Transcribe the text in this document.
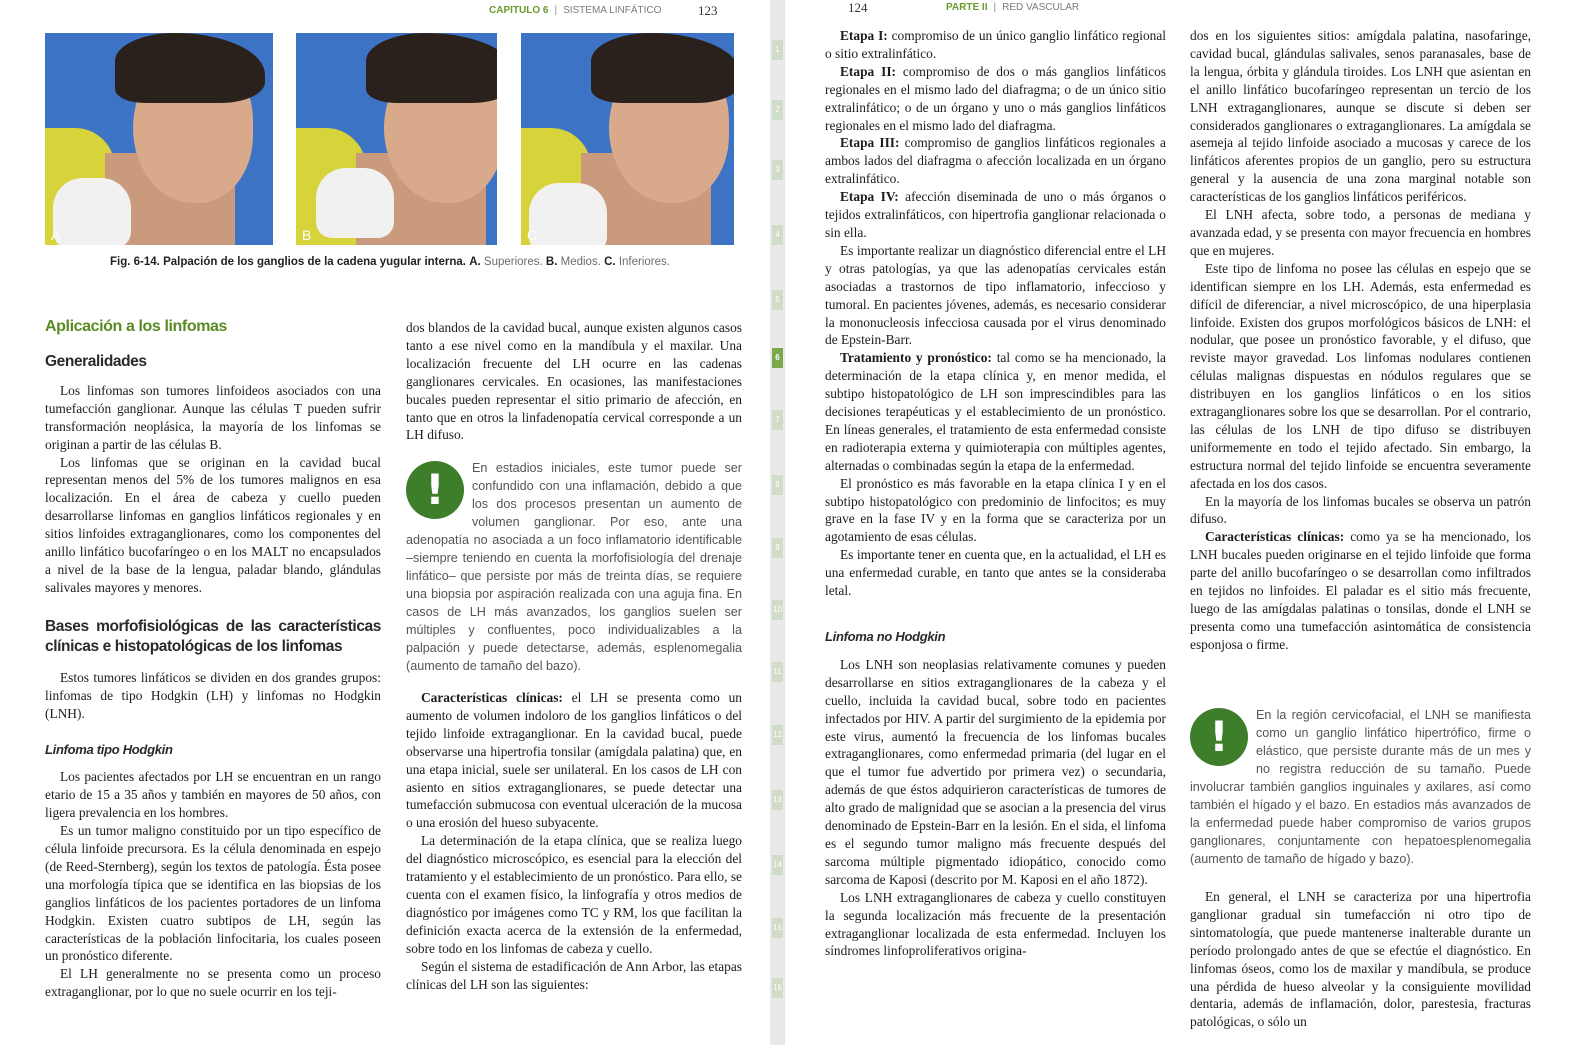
CAPITULO 6 | SISTEMA LINFÁTICO	123
A	B	C
Fig. 6-14. Palpación de los ganglios de la cadena yugular interna. A. Superiores. B. Medios. C. Inferiores.
Aplicación a los linfomas
Generalidades

Los linfomas son tumores linfoideos asociados con una tumefacción ganglionar. Aunque las células T pueden sufrir transformación neoplásica, la mayoría de los linfomas se originan a partir de las células B.

Los linfomas que se originan en la cavidad bucal representan menos del 5% de los tumores malignos en esa localización. En el área de cabeza y cuello pueden desarrollarse linfomas en ganglios linfáticos regionales y en sitios linfoides extraganglionares, como los componentes del anillo linfático bucofaríngeo o en los MALT no encapsulados a nivel de la base de la lengua, paladar blando, glándulas salivales mayores y menores.

Bases morfofisiológicas de las características clínicas e histopatológicas de los linfomas

Estos tumores linfáticos se dividen en dos grandes grupos: linfomas de tipo Hodgkin (LH) y linfomas no Hodgkin (LNH).

Linfoma tipo Hodgkin

Los pacientes afectados por LH se encuentran en un rango etario de 15 a 35 años y también en mayores de 50 años, con ligera prevalencia en los hombres.

Es un tumor maligno constituido por un tipo específico de célula linfoide precursora. Es la célula denominada en espejo (de Reed-Sternberg), según los textos de patología. Ésta posee una morfología típica que se identifica en las biopsias de los ganglios linfáticos de los pacientes portadores de un linfoma Hodgkin. Existen cuatro subtipos de LH, según las características de la población linfocitaria, los cuales poseen un pronóstico diferente.

El LH generalmente no se presenta como un proceso extraganglionar, por lo que no suele ocurrir en los teji-

dos blandos de la cavidad bucal, aunque existen algunos casos tanto a ese nivel como en la mandíbula y el maxilar. Una localización frecuente del LH ocurre en las cadenas ganglionares cervicales. En ocasiones, las manifestaciones bucales pueden representar el sitio primario de afección, en tanto que en otros la linfadenopatía cervical corresponde a un LH difuso.

!	En estadios iniciales, este tumor puede ser confundido con una inflamación, debido a que los dos procesos presentan un aumento de volumen ganglionar. Por eso, ante una adenopatía no asociada a un foco inflamatorio identificable –siempre teniendo en cuenta la morfofisiología del drenaje linfático– que persiste por más de treinta días, se requiere una biopsia por aspiración realizada con una aguja fina. En casos de LH más avanzados, los ganglios suelen ser múltiples y confluentes, poco individualizables a la palpación y puede detectarse, además, esplenomegalia (aumento de tamaño del bazo).

Características clínicas: el LH se presenta como un aumento de volumen indoloro de los ganglios linfáticos o del tejido linfoide extraganglionar. En la cavidad bucal, puede observarse una hipertrofia tonsilar (amígdala palatina) que, en una etapa inicial, suele ser unilateral. En los casos de LH con asiento en sitios extraganglionares, se puede detectar una tumefacción submucosa con eventual ulceración de la mucosa o una erosión del hueso subyacente.

La determinación de la etapa clínica, que se realiza luego del diagnóstico microscópico, es esencial para la elección del tratamiento y el establecimiento de un pronóstico. Para ello, se cuenta con el examen físico, la linfografía y otros medios de diagnóstico por imágenes como TC y RM, los que facilitan la definición exacta acerca de la extensión de la enfermedad, sobre todo en los linfomas de cabeza y cuello.

Según el sistema de estadificación de Ann Arbor, las etapas clínicas del LH son las siguientes:

1
2
3
4
5
6
7
8
9
10
11
12
13
14
15
16
124	PARTE II | RED VASCULAR

Etapa I: compromiso de un único ganglio linfático regional o sitio extralinfático.

Etapa II: compromiso de dos o más ganglios linfáticos regionales en el mismo lado del diafragma; o de un único sitio extralinfático; o de un órgano y uno o más ganglios linfáticos regionales en el mismo lado del diafragma.

Etapa III: compromiso de ganglios linfáticos regionales a ambos lados del diafragma o afección localizada en un órgano extralinfático.

Etapa IV: afección diseminada de uno o más órganos o tejidos extralinfáticos, con hipertrofia ganglionar relacionada o sin ella.

Es importante realizar un diagnóstico diferencial entre el LH y otras patologías, ya que las adenopatías cervicales están asociadas a trastornos de tipo inflamatorio, infeccioso y tumoral. En pacientes jóvenes, además, es necesario considerar la mononucleosis infecciosa causada por el virus denominado de Epstein-Barr.

Tratamiento y pronóstico: tal como se ha mencionado, la determinación de la etapa clínica y, en menor medida, el subtipo histopatológico de LH son imprescindibles para las decisiones terapéuticas y el establecimiento de un pronóstico. En líneas generales, el tratamiento de esta enfermedad consiste en radioterapia externa y quimioterapia con múltiples agentes, alternadas o combinadas según la etapa de la enfermedad.

El pronóstico es más favorable en la etapa clínica I y en el subtipo histopatológico con predominio de linfocitos; es muy grave en la fase IV y en la forma que se caracteriza por un agotamiento de esas células.

Es importante tener en cuenta que, en la actualidad, el LH es una enfermedad curable, en tanto que antes se la consideraba letal.

Linfoma no Hodgkin

Los LNH son neoplasias relativamente comunes y pueden desarrollarse en sitios extraganglionares de la cabeza y el cuello, incluida la cavidad bucal, sobre todo en pacientes infectados por HIV. A partir del surgimiento de la epidemia por este virus, aumentó la frecuencia de los linfomas bucales extraganglionares, como enfermedad primaria (del lugar en el que el tumor fue advertido por primera vez) o secundaria, además de que éstos adquirieron características de tumores de alto grado de malignidad que se asocian a la presencia del virus denominado de Epstein-Barr en la lesión. En el sida, el linfoma es el segundo tumor maligno más frecuente después del sarcoma múltiple pigmentado idiopático, conocido como sarcoma de Kaposi (descrito por M. Kaposi en el año 1872).

Los LNH extraganglionares de cabeza y cuello constituyen la segunda localización más frecuente de la presentación extraganglionar localizada de esta enfermedad. Incluyen los síndromes linfoproliferativos origina-

dos en los siguientes sitios: amígdala palatina, nasofaringe, cavidad bucal, glándulas salivales, senos paranasales, base de la lengua, órbita y glándula tiroides. Los LNH que asientan en el anillo linfático bucofaríngeo representan un tercio de los LNH extraganglionares, aunque se discute si deben ser considerados ganglionares o extraganglionares. La amígdala se asemeja al tejido linfoide asociado a mucosas y carece de los linfáticos aferentes propios de un ganglio, pero su estructura general y la ausencia de una zona marginal notable son características de los ganglios linfáticos periféricos.

El LNH afecta, sobre todo, a personas de mediana y avanzada edad, y se presenta con mayor frecuencia en hombres que en mujeres.

Este tipo de linfoma no posee las células en espejo que se identifican siempre en los LH. Además, esta enfermedad es difícil de diferenciar, a nivel microscópico, de una hiperplasia linfoide. Existen dos grupos morfológicos básicos de LNH: el nodular, que posee un pronóstico favorable, y el difuso, que reviste mayor gravedad. Los linfomas nodulares contienen células malignas dispuestas en nódulos regulares que se distribuyen en los ganglios linfáticos o en los sitios extraganglionares sobre los que se desarrollan. Por el contrario, las células de los LNH de tipo difuso se distribuyen uniformemente en todo el tejido afectado. Sin embargo, la estructura normal del tejido linfoide se encuentra severamente afectada en los dos casos.

En la mayoría de los linfomas bucales se observa un patrón difuso.

Características clínicas: como ya se ha mencionado, los LNH bucales pueden originarse en el tejido linfoide que forma parte del anillo bucofaríngeo o se desarrollan como infiltrados en tejidos no linfoides. El paladar es el sitio más frecuente, luego de las amígdalas palatinas o tonsilas, donde el LNH se presenta como una tumefacción asintomática de consistencia esponjosa o firme.

!	En la región cervicofacial, el LNH se manifiesta como un ganglio linfático hipertrófico, firme o elástico, que persiste durante más de un mes y no registra reducción de su tamaño. Puede involucrar también ganglios inguinales y axilares, así como también el hígado y el bazo. En estadios más avanzados de la enfermedad puede haber compromiso de varios grupos ganglionares, conjuntamente con hepatoesplenomegalia (aumento de tamaño de hígado y bazo).

En general, el LNH se caracteriza por una hipertrofia ganglionar gradual sin tumefacción ni otro tipo de sintomatología, que puede mantenerse inalterable durante un período prolongado antes de que se efectúe el diagnóstico. En linfomas óseos, como los de maxilar y mandíbula, se produce una pérdida de hueso alveolar y la consiguiente movilidad dentaria, además de inflamación, dolor, parestesia, fracturas patológicas, o sólo un
